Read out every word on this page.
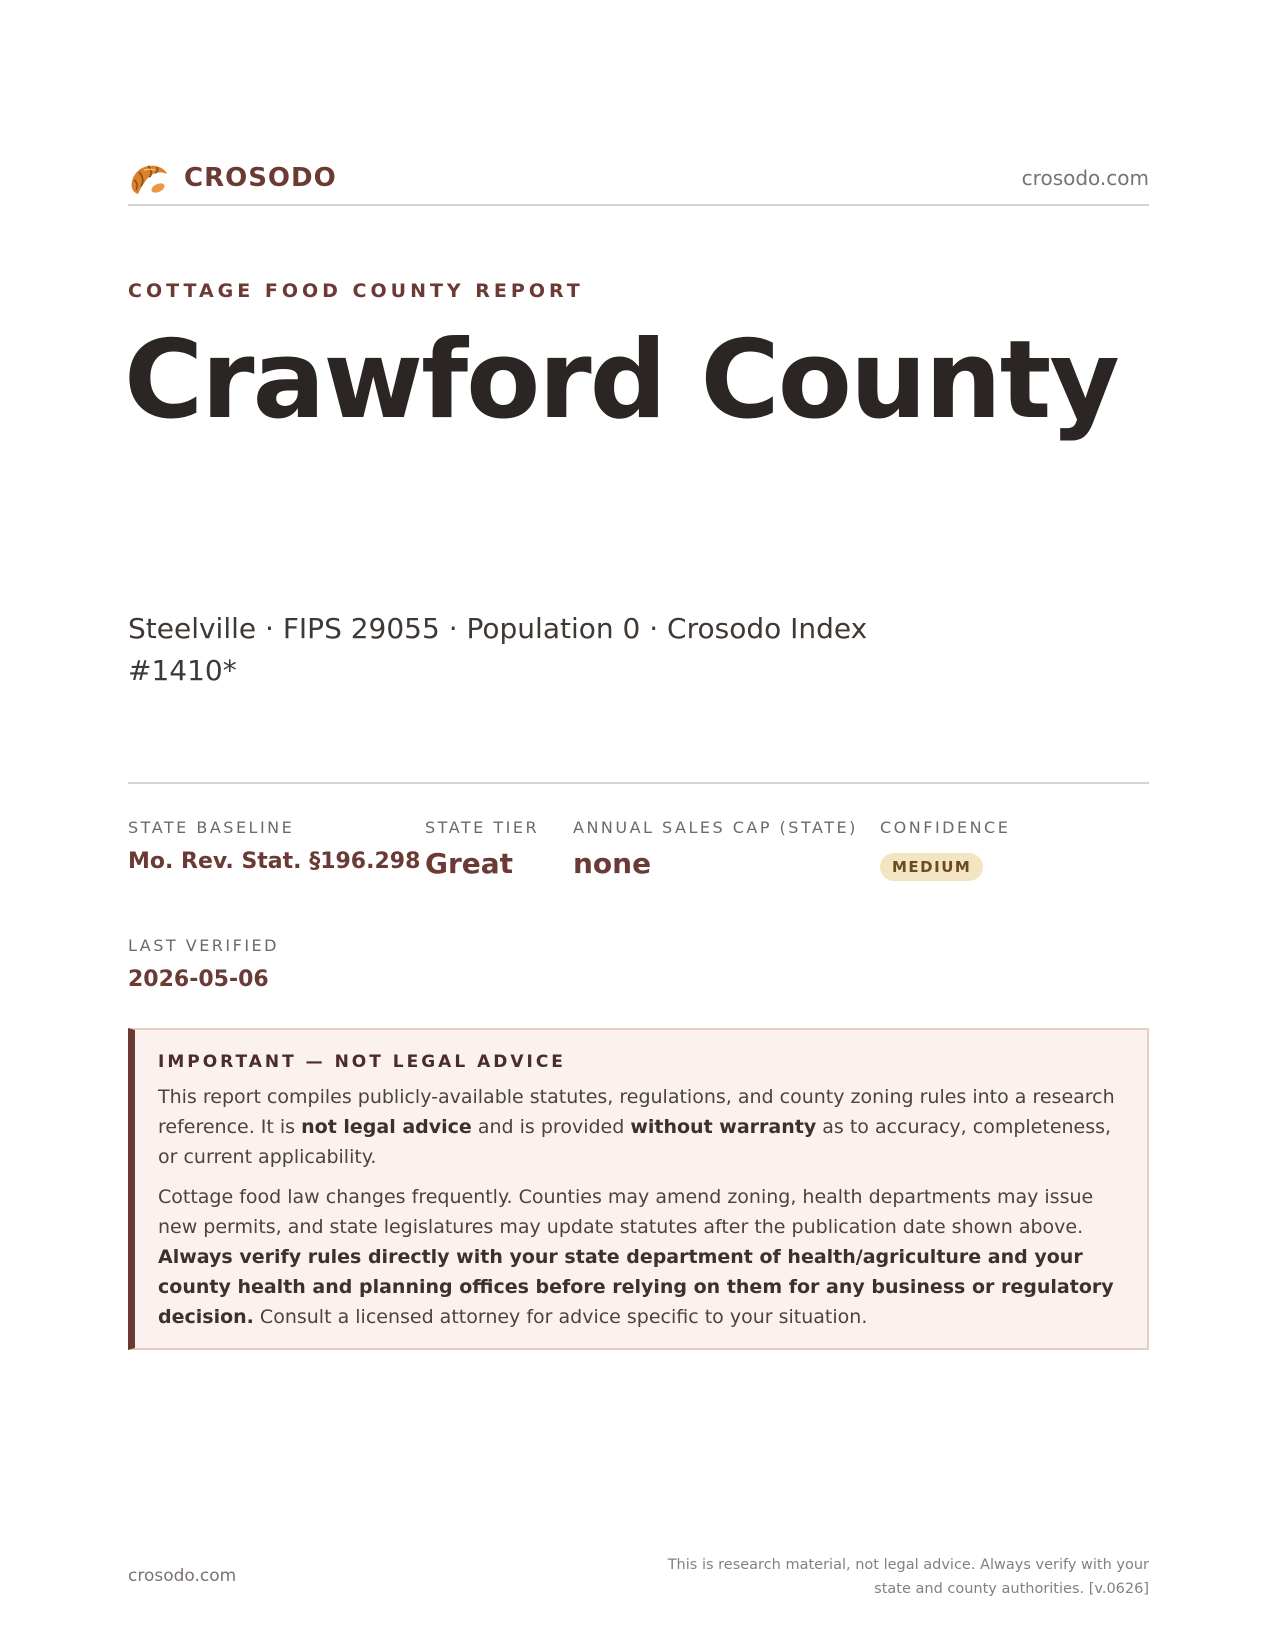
CROSODO	crosodo.com
COTTAGE FOOD COUNTY REPORT
Crawford County
Steelville · FIPS 29055 · Population 0 · Crosodo Index #1410*
STATE BASELINE
Mo. Rev. Stat. §196.298
STATE TIER
Great
ANNUAL SALES CAP (STATE)
none
CONFIDENCE
MEDIUM
LAST VERIFIED
2026-05-06
IMPORTANT — NOT LEGAL ADVICE

This report compiles publicly-available statutes, regulations, and county zoning rules into a research reference. It is not legal advice and is provided without warranty as to accuracy, completeness, or current applicability.

Cottage food law changes frequently. Counties may amend zoning, health departments may issue new permits, and state legislatures may update statutes after the publication date shown above. Always verify rules directly with your state department of health/agriculture and your county health and planning offices before relying on them for any business or regulatory decision. Consult a licensed attorney for advice specific to your situation.

crosodo.com
This is research material, not legal advice. Always verify with your state and county authorities. [v.0626]
